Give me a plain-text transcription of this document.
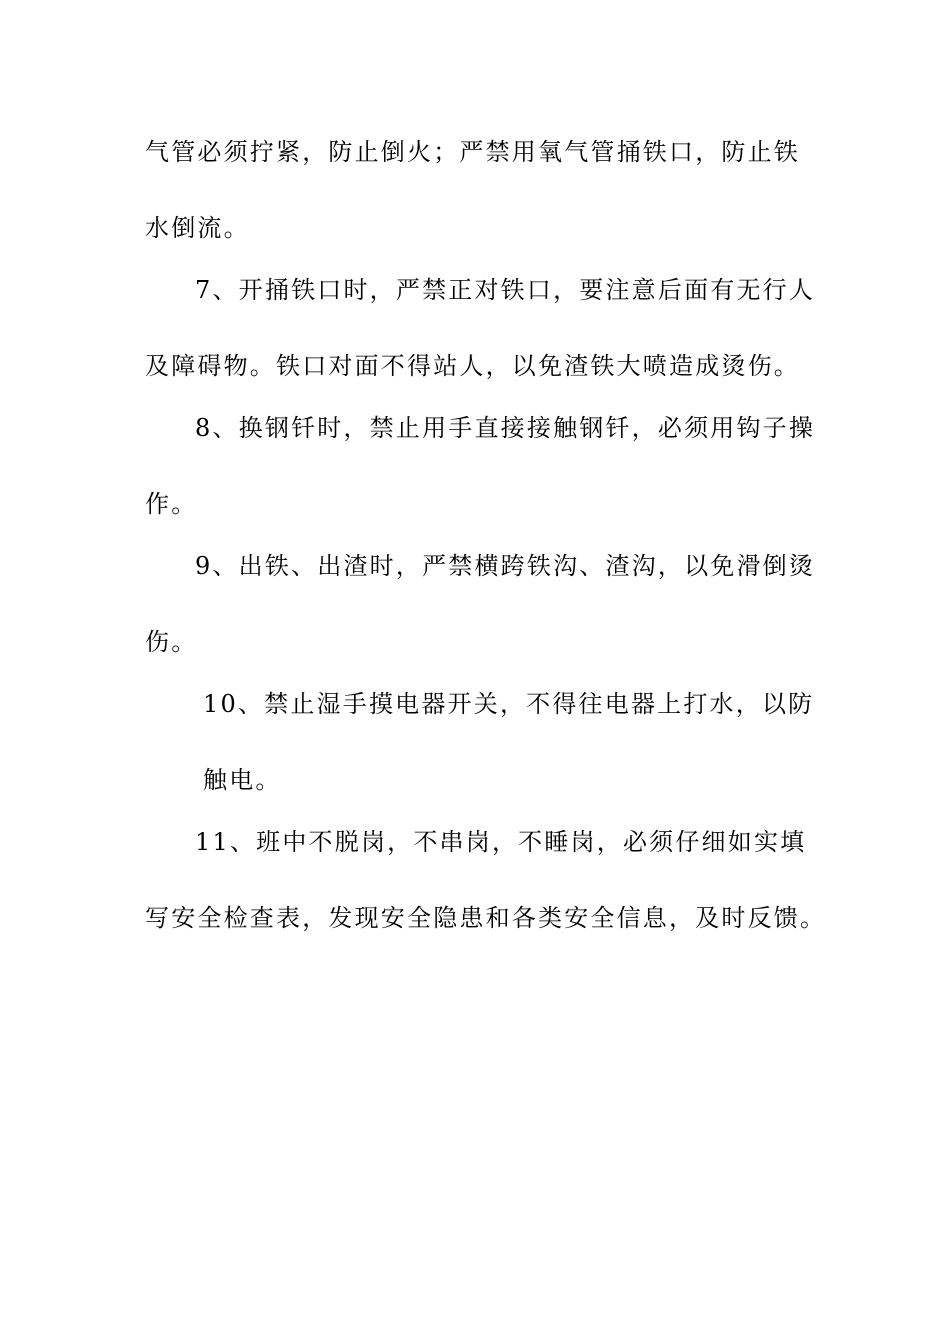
气管必须拧紧，防止倒火；严禁用氧气管捅铁口，防止铁
水倒流。
7、开捅铁口时，严禁正对铁口，要注意后面有无行人
及障碍物。铁口对面不得站人，以免渣铁大喷造成烫伤。
8、换钢钎时，禁止用手直接接触钢钎，必须用钩子操
作。
9、出铁、出渣时，严禁横跨铁沟、渣沟，以免滑倒烫
伤。
10、禁止湿手摸电器开关，不得往电器上打水，以防
触电。
11、班中不脱岗，不串岗，不睡岗，必须仔细如实填
写安全检查表，发现安全隐患和各类安全信息，及时反馈。
